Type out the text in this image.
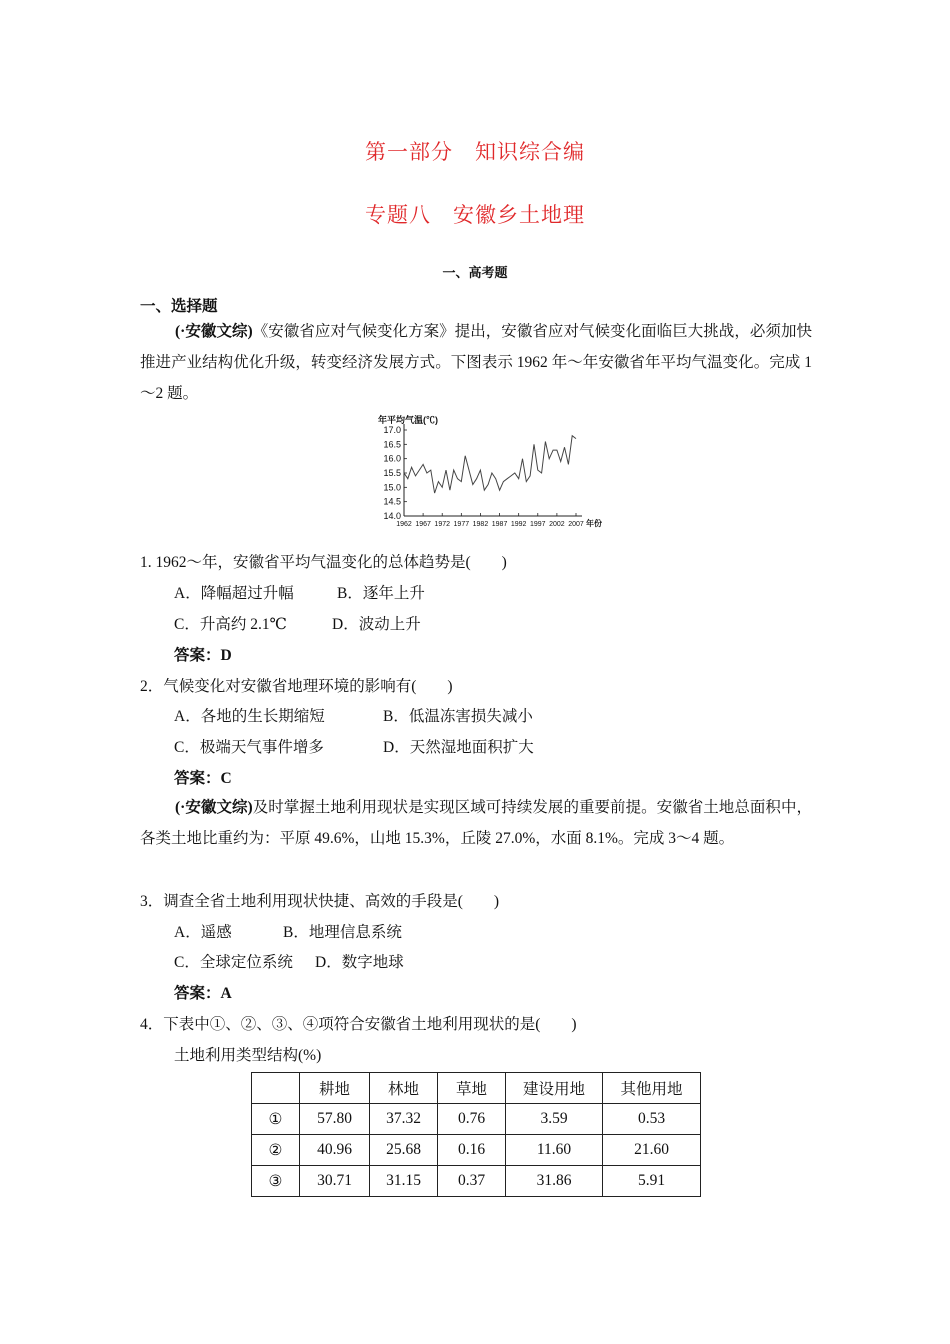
第一部分　知识综合编
专题八　安徽乡土地理
一、高考题
一、选择题
(·安徽文综)《安徽省应对气候变化方案》提出，安徽省应对气候变化面临巨大挑战，必须加快推进产业结构优化升级，转变经济发展方式。下图表示 1962 年～年安徽省年平均气温变化。完成 1～2 题。
17.0
16.5
16.0
15.5
15.0
14.5
14.0
1962 1967 1972 1977 1982 1987 1992 1997 2002 2007
年平均气温(℃)
年份
1. 1962～年，安徽省平均气温变化的总体趋势是(　　)
A．降幅超过升幅	B．逐年上升
C．升高约 2.1℃	D．波动上升
答案：D
2．气候变化对安徽省地理环境的影响有(　　)
A．各地的生长期缩短	B．低温冻害损失减小
C．极端天气事件增多	D．天然湿地面积扩大
答案：C
(·安徽文综)及时掌握土地利用现状是实现区域可持续发展的重要前提。安徽省土地总面积中，各类土地比重约为：平原 49.6%，山地 15.3%，丘陵 27.0%，水面 8.1%。完成 3～4 题。
3．调查全省土地利用现状快捷、高效的手段是(　　)
A．遥感	B．地理信息系统
C．全球定位系统 D．数字地球
答案：A
4．下表中①、②、③、④项符合安徽省土地利用现状的是(　　)
土地利用类型结构(%)
	耕地	林地	草地	建设用地	其他用地
①	57.80	37.32	0.76	3.59	0.53
②	40.96	25.68	0.16	11.60	21.60
③	30.71	31.15	0.37	31.86	5.91
